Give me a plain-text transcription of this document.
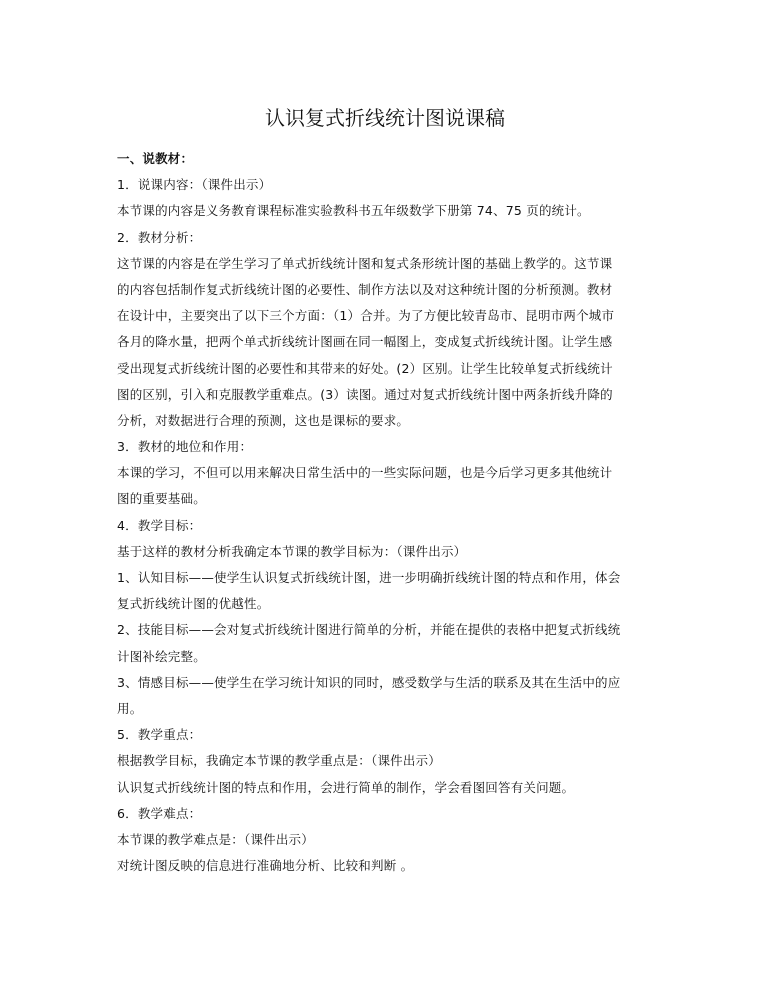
认识复式折线统计图说课稿
一、说教材：
1．说课内容：（课件出示）
本节课的内容是义务教育课程标准实验教科书五年级数学下册第 74、75 页的统计。
2．教材分析：
这节课的内容是在学生学习了单式折线统计图和复式条形统计图的基础上教学的。这节课
的内容包括制作复式折线统计图的必要性、制作方法以及对这种统计图的分析预测。教材
在设计中，主要突出了以下三个方面：（1）合并。为了方便比较青岛市、昆明市两个城市
各月的降水量，把两个单式折线统计图画在同一幅图上，变成复式折线统计图。让学生感
受出现复式折线统计图的必要性和其带来的好处。(2）区别。让学生比较单复式折线统计
图的区别，引入和克服教学重难点。(3）读图。通过对复式折线统计图中两条折线升降的
分析，对数据进行合理的预测，这也是课标的要求。
3．教材的地位和作用：
本课的学习，不但可以用来解决日常生活中的一些实际问题，也是今后学习更多其他统计
图的重要基础。
4．教学目标：
基于这样的教材分析我确定本节课的教学目标为：（课件出示）
1、认知目标——使学生认识复式折线统计图，进一步明确折线统计图的特点和作用，体会
复式折线统计图的优越性。
2、技能目标——会对复式折线统计图进行简单的分析，并能在提供的表格中把复式折线统
计图补绘完整。
3、情感目标——使学生在学习统计知识的同时，感受数学与生活的联系及其在生活中的应
用。
5．教学重点：
根据教学目标，我确定本节课的教学重点是：（课件出示）
认识复式折线统计图的特点和作用，会进行简单的制作，学会看图回答有关问题。
6．教学难点：
本节课的教学难点是：（课件出示）
对统计图反映的信息进行准确地分析、比较和判断 。
